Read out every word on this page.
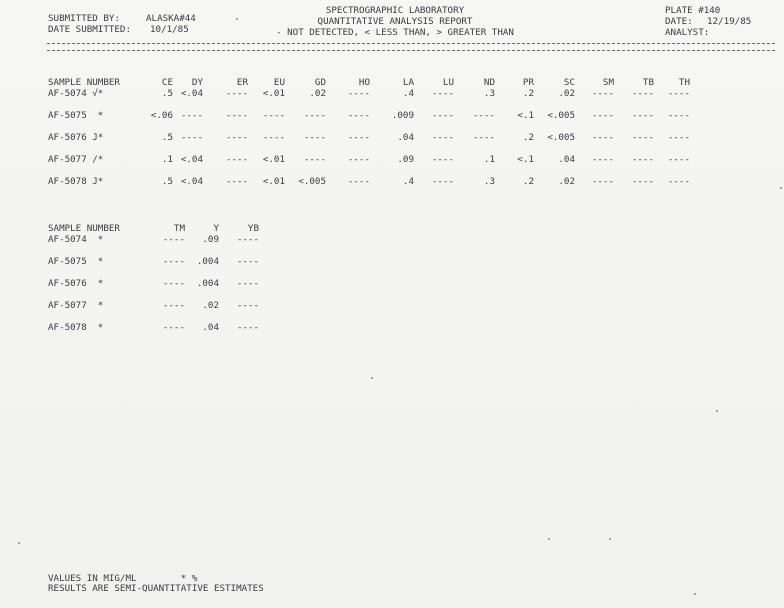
SUBMITTED BY:	ALASKA#44
DATE SUBMITTED: 10/1/85
SPECTROGRAPHIC LABORATORY
QUANTITATIVE ANALYSIS REPORT
- NOT DETECTED, < LESS THAN, > GREATER THAN
PLATE #140
DATE: 12/19/85
ANALYST:
SAMPLE NUMBER	CE	DY	ER	EU	GD	HO	LA	LU	ND	PR	SC	SM	TB	TH
AF-5074 √*	.5	<.04	----	<.01	.02	----	.4	----	.3	.2	.02	----	----	----

AF-5075  *	<.06	----	----	----	----	----	.009	----	----	<.1	<.005	----	----	----

AF-5076 J*	.5	----	----	----	----	----	.04	----	----	.2	<.005	----	----	----

AF-5077 /*	.1	<.04	----	<.01	----	----	.09	----	.1	<.1	.04	----	----	----

AF-5078 J*	.5	<.04	----	<.01	<.005	----	.4	----	.3	.2	.02	----	----	----
SAMPLE NUMBER	TM	Y	YB
AF-5074  *	----	.09	----

AF-5075  *	----	.004	----

AF-5076  *	----	.004	----

AF-5077  *	----	.02	----

AF-5078  *	----	.04	----
VALUES IN MIG/ML        * %
RESULTS ARE SEMI-QUANTITATIVE ESTIMATES
